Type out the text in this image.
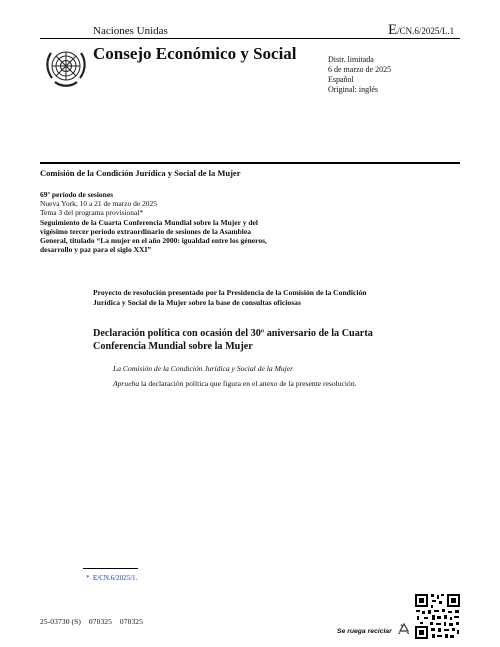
Naciones Unidas	E/CN.6/2025/L.1
Consejo Económico y Social	Distr. limitada
6 de marzo de 2025
Español
Original: inglés
Comisión de la Condición Jurídica y Social de la Mujer
69º período de sesiones
Nueva York, 10 a 21 de marzo de 2025
Tema 3 del programa provisional*
Seguimiento de la Cuarta Conferencia Mundial sobre la Mujer y del vigésimo tercer período extraordinario de sesiones de la Asamblea General, titulado “La mujer en el año 2000: igualdad entre los géneros, desarrollo y paz para el siglo XXI”
Proyecto de resolución presentado por la Presidencia de la Comisión de la Condición Jurídica y Social de la Mujer sobre la base de consultas oficiosas
Declaración política con ocasión del 30º aniversario de la Cuarta Conferencia Mundial sobre la Mujer
La Comisión de la Condición Jurídica y Social de la Mujer
Aprueba la declaración política que figura en el anexo de la presente resolución.
* E/CN.6/2025/1.
25-03730 (S)    070325    070325
Se ruega reciclar
